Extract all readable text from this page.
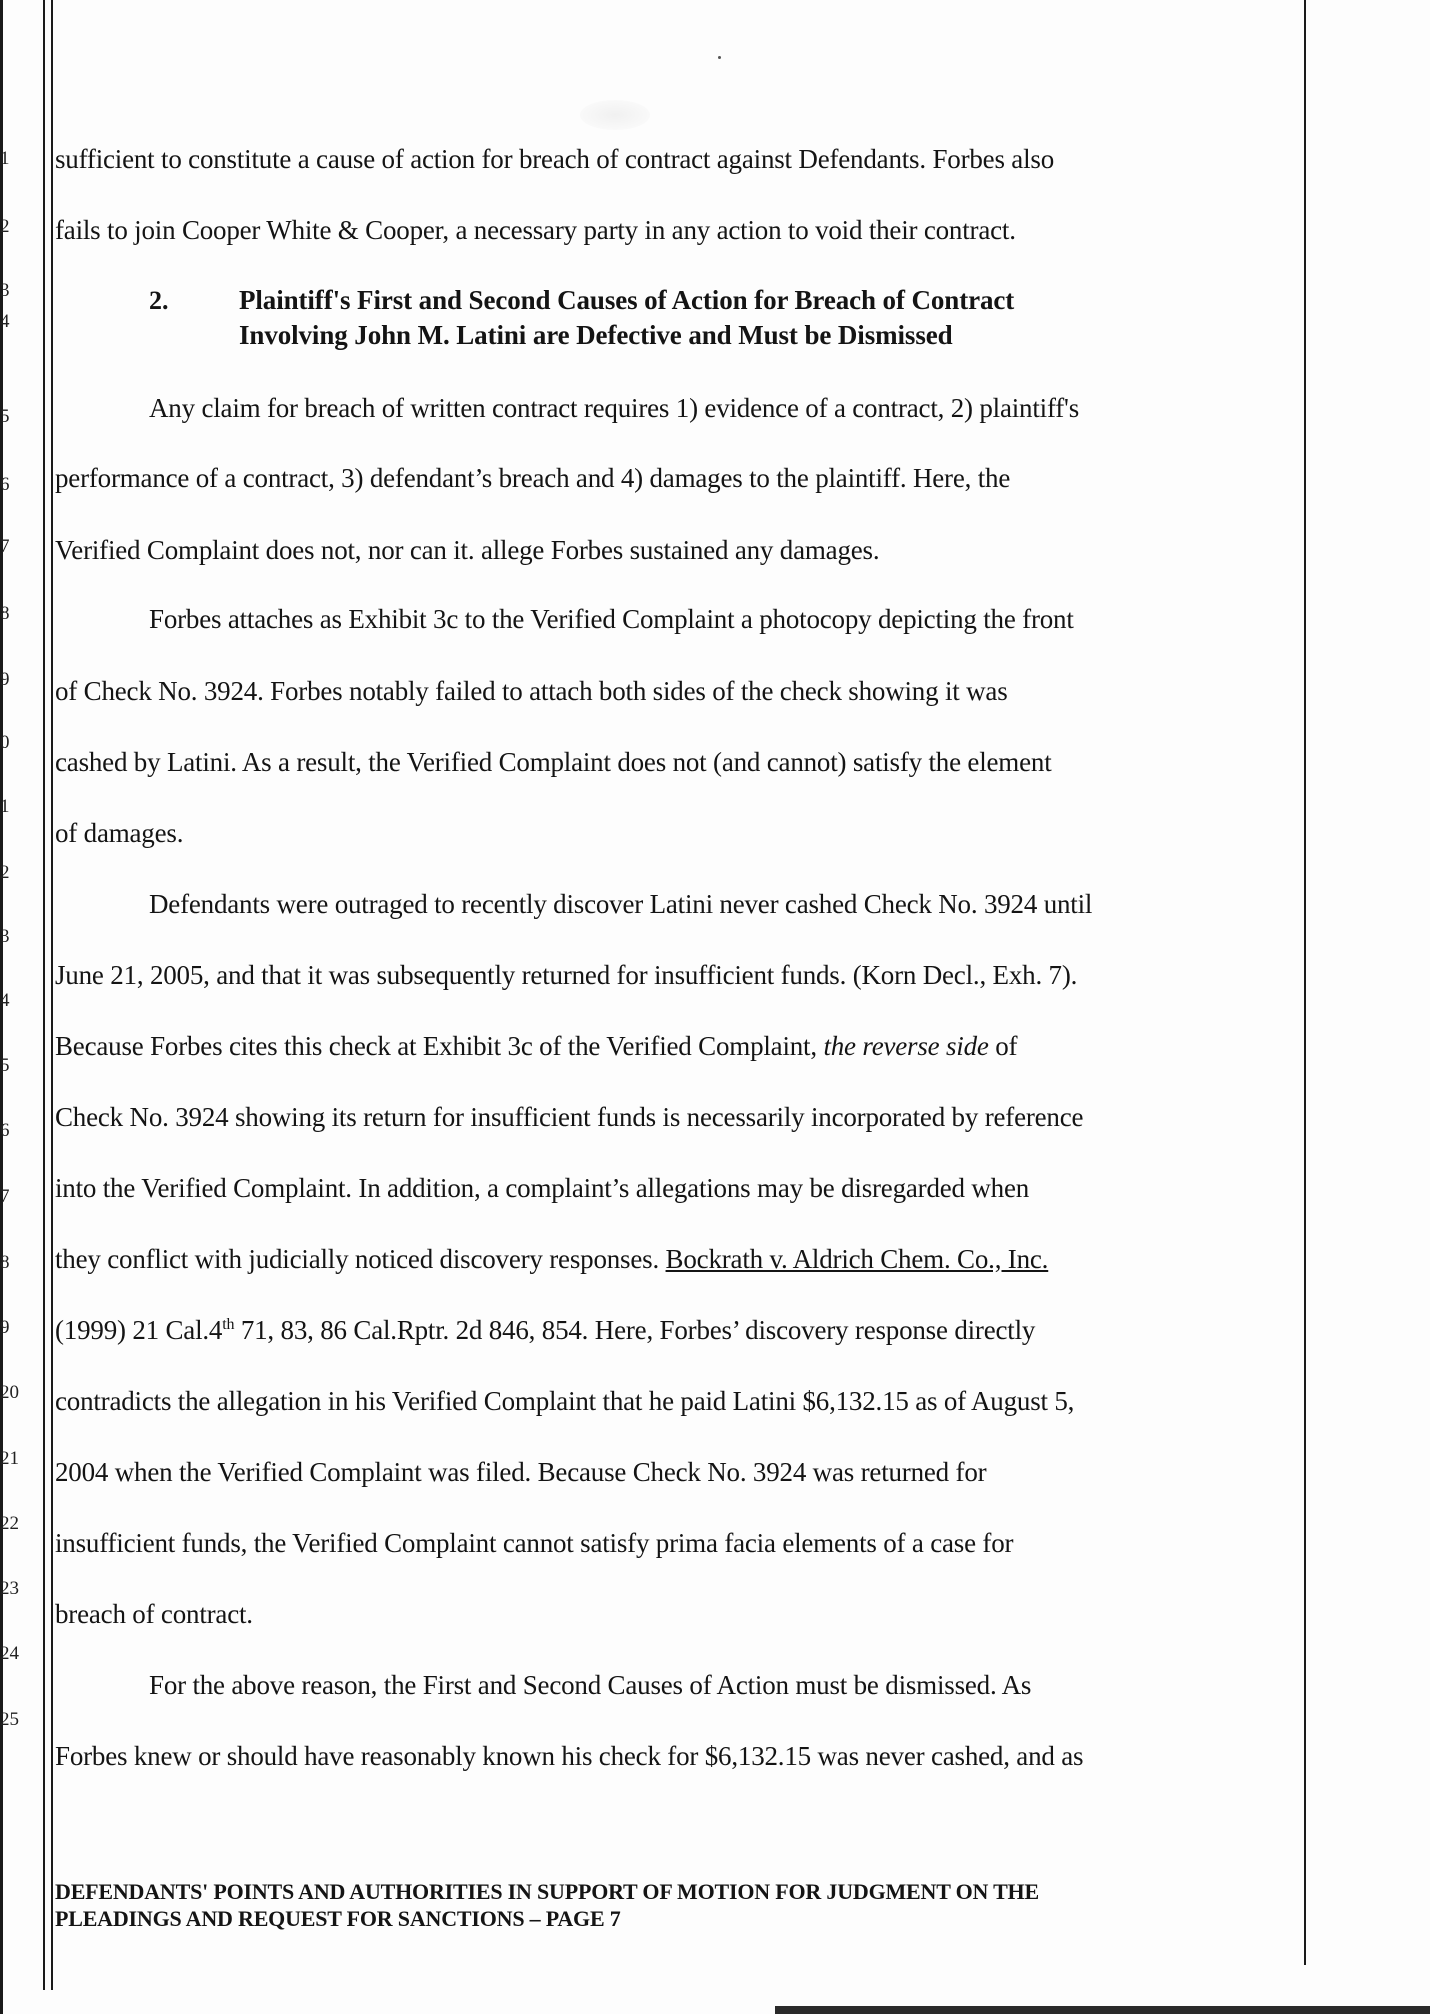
1
2
3
4
5
6
7
8
9
0
1
2
3
4
5
6
7
8
9
20
21
22
23
24
25
sufficient to constitute a cause of action for breach of contract against Defendants. Forbes also
fails to join Cooper White & Cooper, a necessary party in any action to void their contract.
2.	Plaintiff's First and Second Causes of Action for Breach of Contract
Involving John M. Latini are Defective and Must be Dismissed
Any claim for breach of written contract requires 1) evidence of a contract, 2) plaintiff's
performance of a contract, 3) defendant’s breach and 4) damages to the plaintiff. Here, the
Verified Complaint does not, nor can it. allege Forbes sustained any damages.
Forbes attaches as Exhibit 3c to the Verified Complaint a photocopy depicting the front
of Check No. 3924. Forbes notably failed to attach both sides of the check showing it was
cashed by Latini. As a result, the Verified Complaint does not (and cannot) satisfy the element
of damages.
Defendants were outraged to recently discover Latini never cashed Check No. 3924 until
June 21, 2005, and that it was subsequently returned for insufficient funds. (Korn Decl., Exh. 7).
Because Forbes cites this check at Exhibit 3c of the Verified Complaint, the reverse side of
Check No. 3924 showing its return for insufficient funds is necessarily incorporated by reference
into the Verified Complaint. In addition, a complaint’s allegations may be disregarded when
they conflict with judicially noticed discovery responses. Bockrath v. Aldrich Chem. Co., Inc.
(1999) 21 Cal.4th 71, 83, 86 Cal.Rptr. 2d 846, 854. Here, Forbes’ discovery response directly
contradicts the allegation in his Verified Complaint that he paid Latini $6,132.15 as of August 5,
2004 when the Verified Complaint was filed. Because Check No. 3924 was returned for
insufficient funds, the Verified Complaint cannot satisfy prima facia elements of a case for
breach of contract.
For the above reason, the First and Second Causes of Action must be dismissed. As
Forbes knew or should have reasonably known his check for $6,132.15 was never cashed, and as
DEFENDANTS' POINTS AND AUTHORITIES IN SUPPORT OF MOTION FOR JUDGMENT ON THE
PLEADINGS AND REQUEST FOR SANCTIONS – PAGE 7
